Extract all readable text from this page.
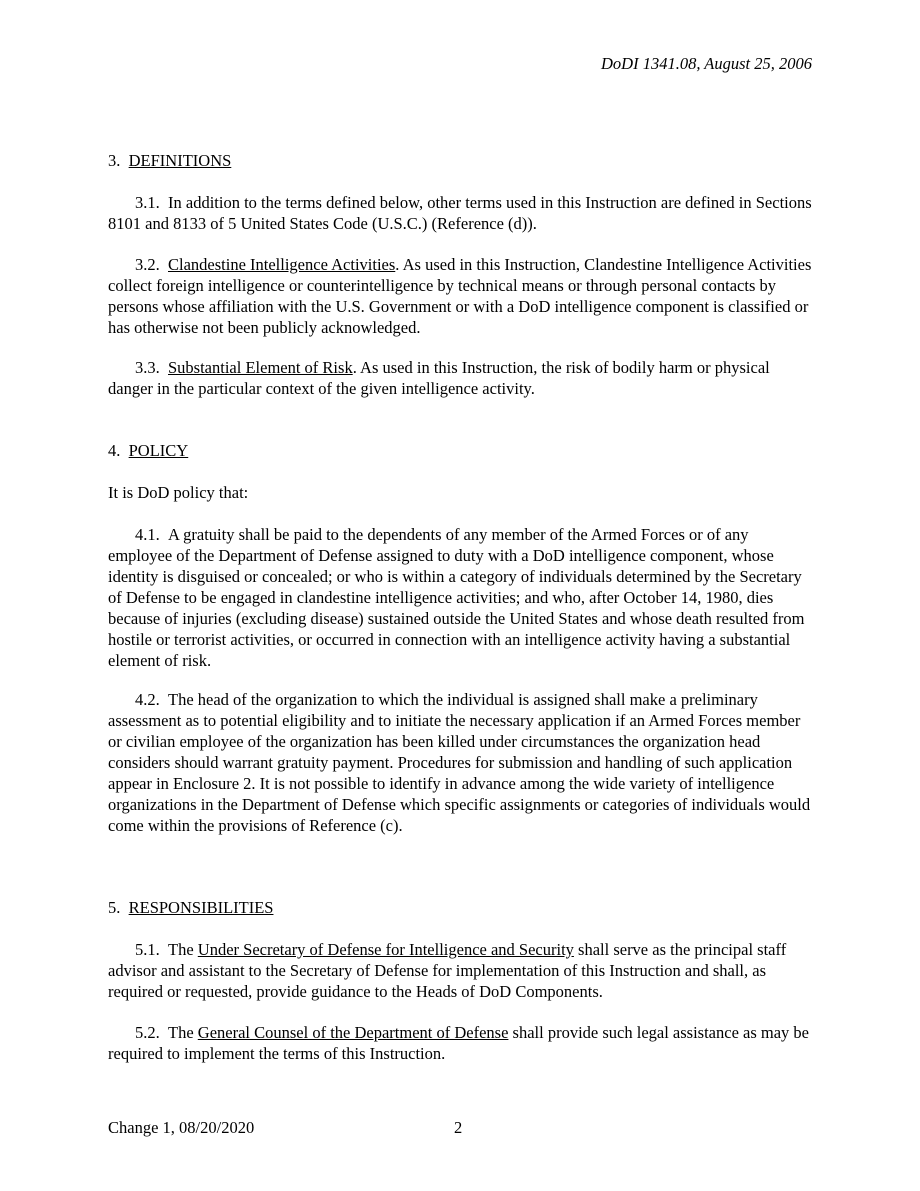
DoDI 1341.08, August 25, 2006
3. DEFINITIONS
3.1. In addition to the terms defined below, other terms used in this Instruction are defined in Sections 8101 and 8133 of 5 United States Code (U.S.C.) (Reference (d)).
3.2. Clandestine Intelligence Activities. As used in this Instruction, Clandestine Intelligence Activities collect foreign intelligence or counterintelligence by technical means or through personal contacts by persons whose affiliation with the U.S. Government or with a DoD intelligence component is classified or has otherwise not been publicly acknowledged.
3.3. Substantial Element of Risk. As used in this Instruction, the risk of bodily harm or physical danger in the particular context of the given intelligence activity.
4. POLICY
It is DoD policy that:
4.1. A gratuity shall be paid to the dependents of any member of the Armed Forces or of any employee of the Department of Defense assigned to duty with a DoD intelligence component, whose identity is disguised or concealed; or who is within a category of individuals determined by the Secretary of Defense to be engaged in clandestine intelligence activities; and who, after October 14, 1980, dies because of injuries (excluding disease) sustained outside the United States and whose death resulted from hostile or terrorist activities, or occurred in connection with an intelligence activity having a substantial element of risk.
4.2. The head of the organization to which the individual is assigned shall make a preliminary assessment as to potential eligibility and to initiate the necessary application if an Armed Forces member or civilian employee of the organization has been killed under circumstances the organization head considers should warrant gratuity payment. Procedures for submission and handling of such application appear in Enclosure 2. It is not possible to identify in advance among the wide variety of intelligence organizations in the Department of Defense which specific assignments or categories of individuals would come within the provisions of Reference (c).
5. RESPONSIBILITIES
5.1. The Under Secretary of Defense for Intelligence and Security shall serve as the principal staff advisor and assistant to the Secretary of Defense for implementation of this Instruction and shall, as required or requested, provide guidance to the Heads of DoD Components.
5.2. The General Counsel of the Department of Defense shall provide such legal assistance as may be required to implement the terms of this Instruction.
Change 1, 08/20/2020	2
